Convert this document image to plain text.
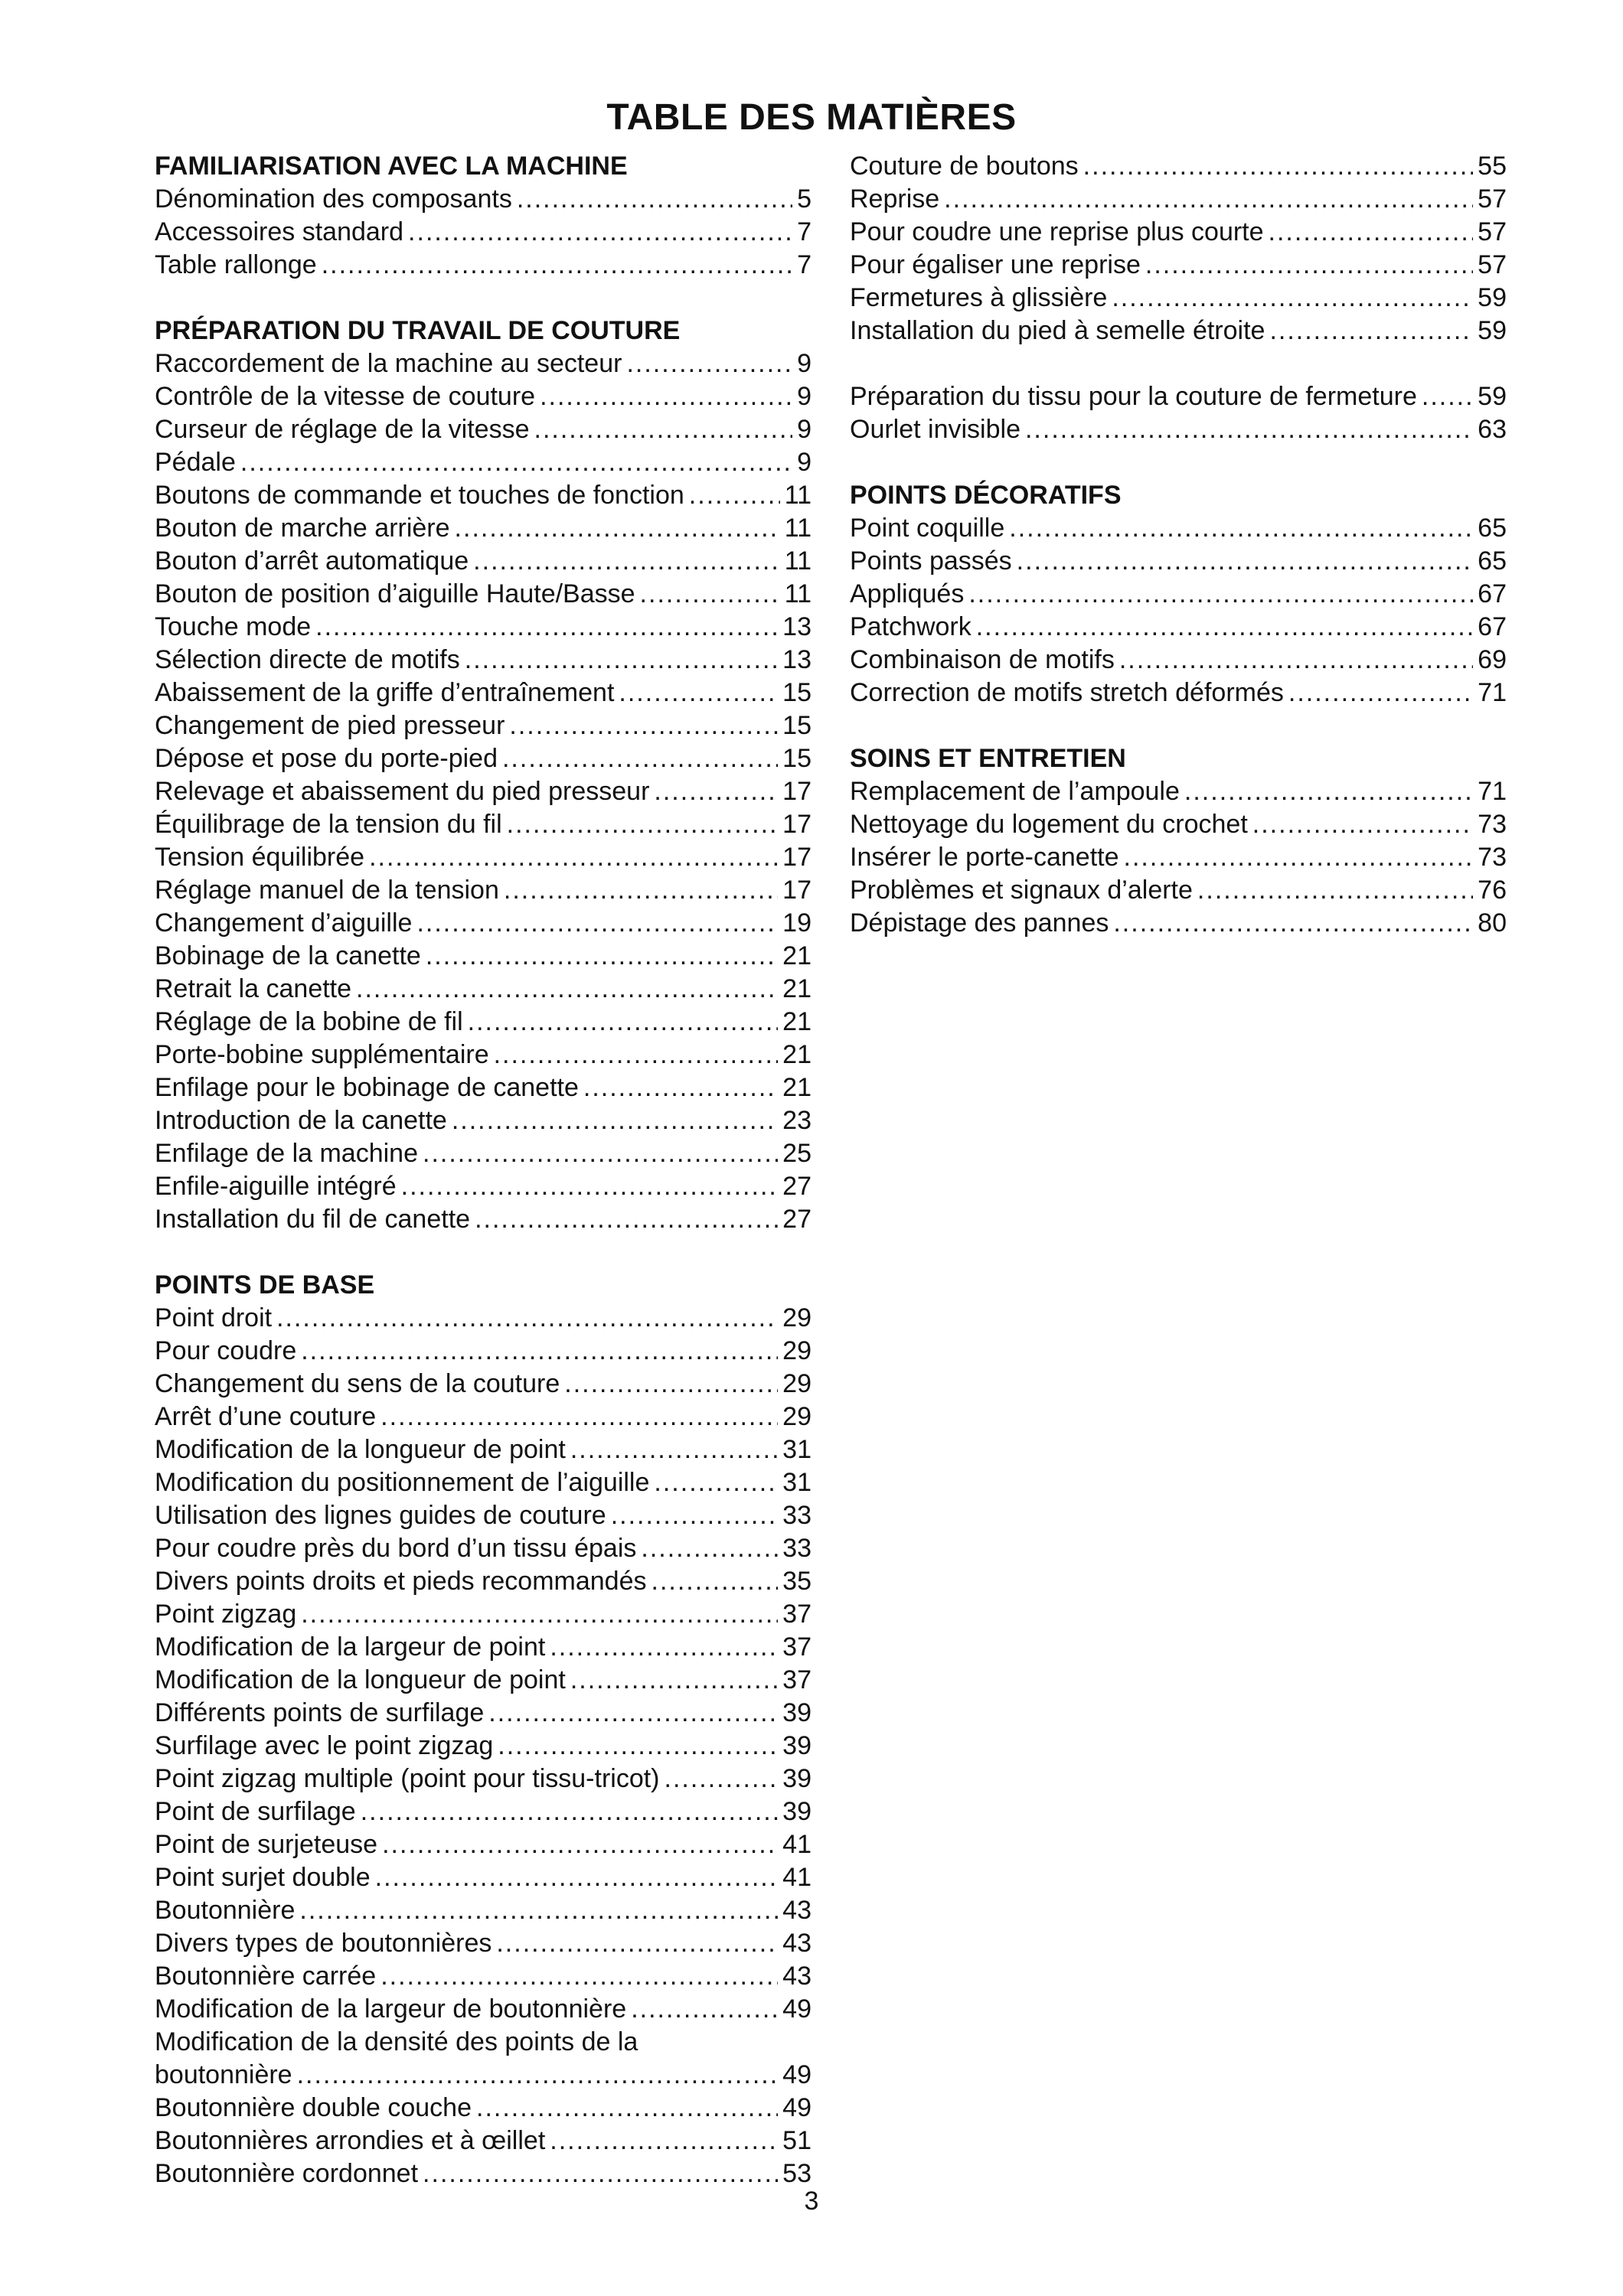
TABLE DES MATIÈRES
FAMILIARISATION AVEC LA MACHINE
Dénomination des composants .....	5
Accessoires standard .....	7
Table rallonge .....	7
PRÉPARATION DU TRAVAIL DE COUTURE
Raccordement de la machine au secteur .....	9
Contrôle de la vitesse de couture .....	9
Curseur de réglage de la vitesse .....	9
Pédale .....	9
Boutons de commande et touches de fonction .....	11
Bouton de marche arrière .....	11
Bouton d’arrêt automatique .....	11
Bouton de position d’aiguille Haute/Basse .....	11
Touche mode .....	13
Sélection directe de motifs .....	13
Abaissement de la griffe d’entraînement .....	15
Changement de pied presseur .....	15
Dépose et pose du porte-pied .....	15
Relevage et abaissement du pied presseur .....	17
Équilibrage de la tension du fil .....	17
Tension équilibrée .....	17
Réglage manuel de la tension .....	17
Changement d’aiguille .....	19
Bobinage de la canette .....	21
Retrait la canette .....	21
Réglage de la bobine de fil .....	21
Porte-bobine supplémentaire .....	21
Enfilage pour le bobinage de canette .....	21
Introduction de la canette .....	23
Enfilage de la machine .....	25
Enfile-aiguille intégré .....	27
Installation du fil de canette .....	27
POINTS DE BASE
Point droit .....	29
Pour coudre .....	29
Changement du sens de la couture .....	29
Arrêt d’une couture .....	29
Modification de la longueur de point .....	31
Modification du positionnement de l’aiguille .....	31
Utilisation des lignes guides de couture .....	33
Pour coudre près du bord d’un tissu épais .....	33
Divers points droits et pieds recommandés .....	35
Point zigzag .....	37
Modification de la largeur de point .....	37
Modification de la longueur de point .....	37
Différents points de surfilage .....	39
Surfilage avec le point zigzag .....	39
Point zigzag multiple (point pour tissu-tricot) .....	39
Point de surfilage .....	39
Point de surjeteuse .....	41
Point surjet double .....	41
Boutonnière .....	43
Divers types de boutonnières .....	43
Boutonnière carrée .....	43
Modification de la largeur de boutonnière .....	49
Modification de la densité des points de la
boutonnière .....	49
Boutonnière double couche .....	49
Boutonnières arrondies et à œillet .....	51
Boutonnière cordonnet .....	53
Couture de boutons .....	55
Reprise .....	57
Pour coudre une reprise plus courte .....	57
Pour égaliser une reprise .....	57
Fermetures à glissière .....	59
Installation du pied à semelle étroite .....	59
Préparation du tissu pour la couture de fermeture ..... 59
Ourlet invisible .....	63
POINTS DÉCORATIFS
Point coquille .....	65
Points passés .....	65
Appliqués .....	67
Patchwork .....	67
Combinaison de motifs .....	69
Correction de motifs stretch déformés .....	71
SOINS ET ENTRETIEN
Remplacement de l’ampoule .....	71
Nettoyage du logement du crochet .....	73
Insérer le porte-canette .....	73
Problèmes et signaux d’alerte .....	76
Dépistage des pannes .....	80
3
